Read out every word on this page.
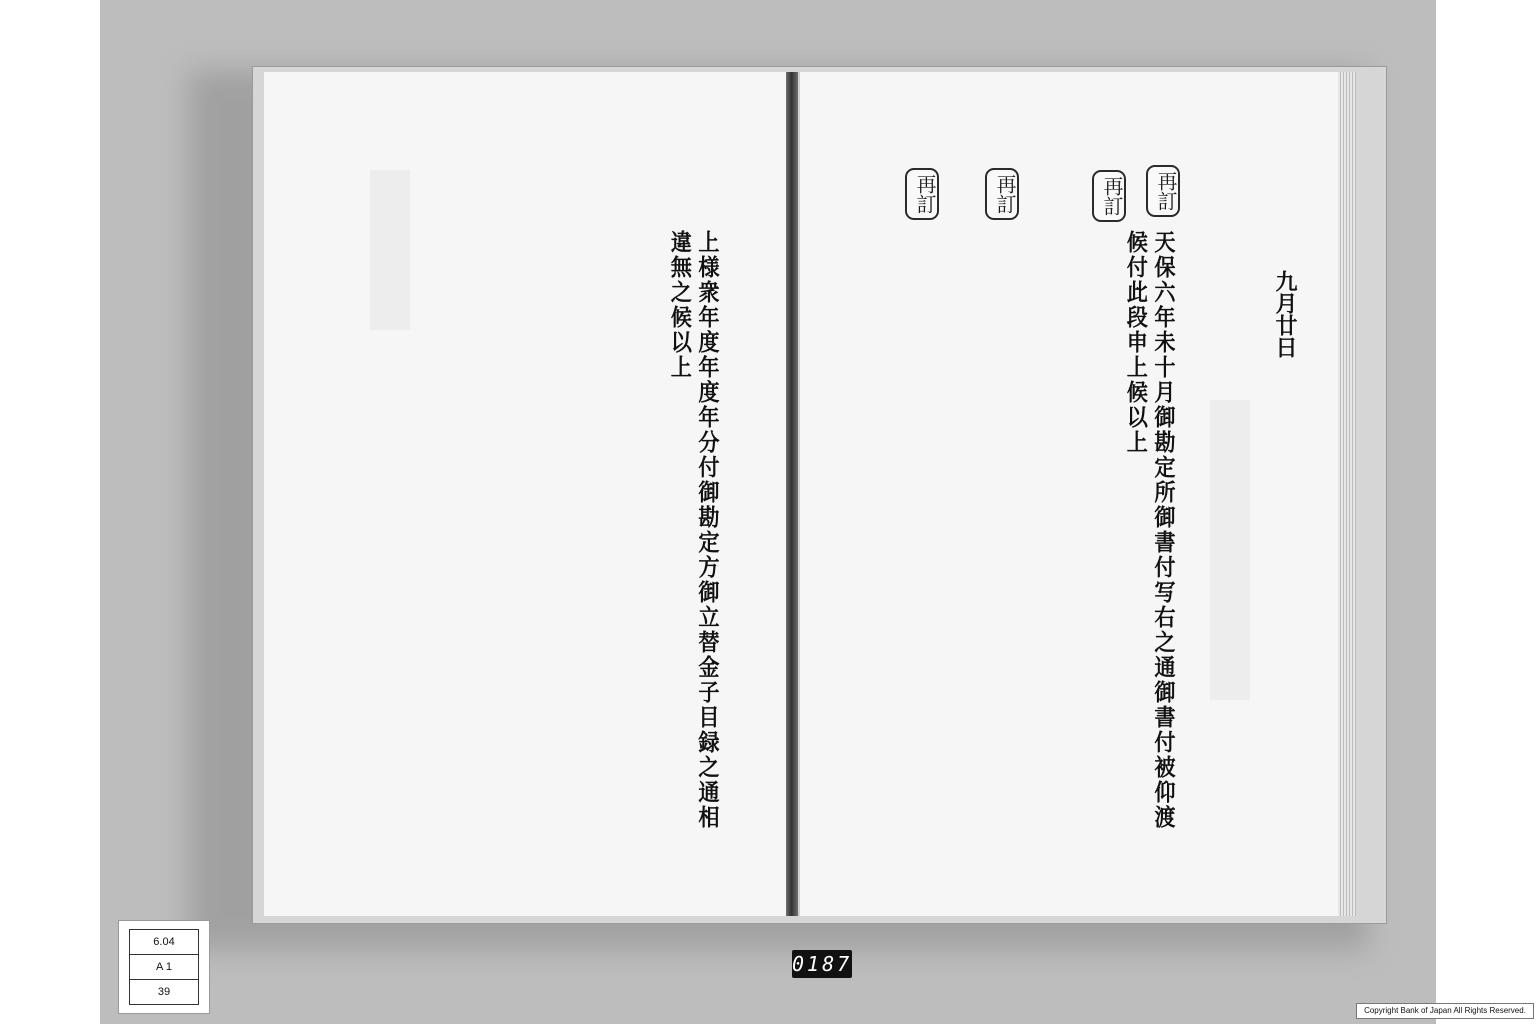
上様衆年度年度年分付御勘定方御立替金子目録之通相違無之候以上
再訂
再訂
再訂
再訂
九月廿日
天保六年未十月御勘定所御書付写右之通御書付被仰渡候付此段申上候以上
6.04
A 1
39
0187
Copyright Bank of Japan All Rights Reserved.
